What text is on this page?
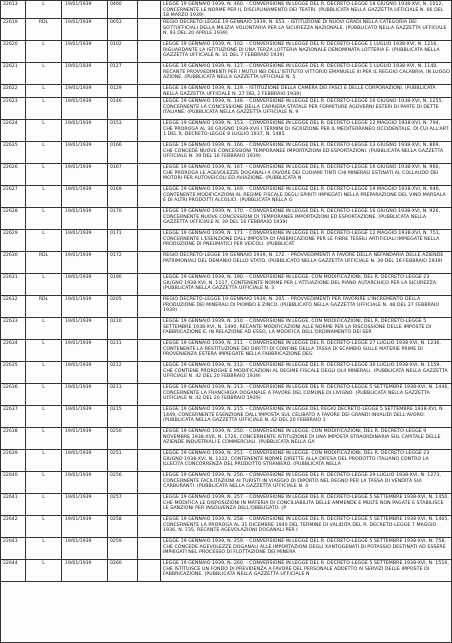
22613	L	19/01/1939	0460	LEGGE 19 GENNAIO 1939, N. 460. - CONVERSIONE IN LEGGE DEL R. DECRETO-LEGGE 18 GIUGNO 1938-XVI, N. 1012, CONCERNENTE LE NORME PER IL DISCIPLINAMENTO DEI TEATRI. (PUBBLICATA NELLA GAZZETTA UFFICIALE N. 66 DEL 18 MARZO 1939)
22619	RDL	19/01/1939	0653	REGIO DECRETO-LEGGE 19 GENNAIO 1939, N. 653. - ISTITUZIONE DI NUOVI GRADI NELLA CATEGORIA DEI SOTTUFFICIALI DELLA MILIZIA VOLONTARIA PER LA SICUREZZA NAZIONALE. (PUBBLICATO NELLA GAZZETTA UFFICIALE N. 93 DEL 20 APRILE 1939)
22620	L	19/01/1939	0102	LEGGE 19 GENNAIO 1939, N. 102. - CONVERSIONE IN LEGGE DEL R. DECRETO-LEGGE 1 LUGLIO 1938-XVI, N. 1216, RIGUARDANTE LA ISTITUZIONE DI UNA TERZA LOTTERIA NAZIONALE DENOMINATA LOTTERIA E. (PUBBLICATA NELLA GAZZETTA UFFICIALE N. 31 DEL 7 FEBBRAIO 1939)
22621	L	19/01/1939	0127	LEGGE 19 GENNAIO 1939, N. 127. - CONVERSIONE IN LEGGE DEL R. DECRETO-LEGGE 1 LUGLIO 1938-XVI, N. 1140, RECANTE PROVVEDIMENTI PER I MUTUI NEI DELL'ISTITUTO VITTORIO EMANUELE III PER IL REGGIO CALABRIA, IN LUOGO AZIONE. (PUBBLICATA NELLA GAZZETTA UFFICIALE N. 5
22622	L	19/01/1939	0129	LEGGE 19 GENNAIO 1939, N. 129. - ISTITUZIONE DELLA CAMERA DEI FASCI E DELLE CORPORAZIONI. (PUBBLICATA NELLA GAZZETTA UFFICIALE N. 27 DEL 2 FEBBRAIO 1939)
22623	L	19/01/1939	0146	LEGGE 19 GENNAIO 1939, N. 146. - CONVERSIONE IN LEGGE DEL R. DECRETO-LEGGE 16 GIUGNO 1938-XVI, N. 1255, CONCERNENTE LA CONCESSIONE DELLA CARRIERA STATALE PER FORMITURE AGOVERNI ESTERI DI PARTE DI DETTE ITALIANE. (PUBBLICATA NELLA GAZZETTA UFFICIALE N. 9
22624	L	19/01/1939	0153	LEGGE 19 GENNAIO 1939, N. 153. - CONVERSIONE IN LEGGE DEL R. DECRETO-LEGGE 12 MAGGIO 1938-XVI, N. 794, CHE PROROGA AL 30 GIUGNO 1939-XVII I TERMINI DI ISCRIZIONE PER IL MEDITERRANEO OCCIDENTALE, DI CUI ALL'ART. 1 DEL R. DECRETO-LEGGE 8 LUGLIO 1937, N. 1485
22625	L	19/01/1939	0166	LEGGE 19 GENNAIO 1939, N. 166. - CONVERSIONE IN LEGGE DEL R. DECRETO-LEGGE 13 GIUGNO 1938-XVI, N. 869, CHE CONCEDE NUOVE CONCESSIONI TEMPORANEE IMPORTAZIONI ED ESPORTAZIONI. (PUBBLICATA NELLA GAZZETTA UFFICIALE N. 39 DEL 16 FEBBRAIO 1939)
22626	L	19/01/1939	0167	LEGGE 19 GENNAIO 1939, N. 167. - CONVERSIONE IN LEGGE DEL R. DECRETO-LEGGE 16 GIUGNO 1938-XVI, N. 960, CHE PROROGA LE AGEVOLEZZE DOGANALI A FAVORE DEI CUOIAMI TINTI CHI MINERALI ESTINATI AL COLLAUDO DEI MOTORI PER AUTOVEICOLI ED AVIAZIONE. (PUBBLICATA N
22627	L	19/01/1939	0169	LEGGE 19 GENNAIO 1939, N. 169. - CONVERSIONE IN LEGGE DEL R. DECRETO-LEGGE 19 MAGGIO 1938-XVI, N. 946, CONTENENTE MODIFICAZIONI AL REGIME FISCALE DEGLI SPIRITI IMPIEGATI NELLA PREPARAZIONE DEL VINO MARSALA E DI ALTRI PRODOTTI ALCOLICI. (PUBBLICATA NELLA G
22628	L	19/01/1939	0170	LEGGE 19 GENNAIO 1939, N. 170. - CONVERSIONE IN LEGGE DEL R. DECRETO-LEGGE 16 GIUGNO 1938-XVI, N. 926, CONCERNENTE NUOVE CONCESSIONI DI TEMPORANEE IMPORTAZIONI ED ESPORTAZIONE. (PUBBLICATA NELLA GAZZETTA UFFICIALE N. 39 DEL 16 FEBBRAIO 1939)
22629	L	19/01/1939	0171	LEGGE 19 GENNAIO 1939, N. 171. - CONVERSIONE IN LEGGE DEL R. DECRETO-LEGGE 12 MAGGIO 1938-XVI, N. 751, CONCERNENTE L'ESENZIONE DALL'IMPOSTA DI FABBRICAZIONE PER LE FIBRE TESSILI ARTIFICIALI IMPIEGATE NELLA PRODUZIONE DI PNEUMATICI PER VEICOLI. (PUBBLICAT
22630	RDL	19/01/1939	0172	REGIO DECRETO-LEGGE 19 GENNAIO 1939, N. 172. - PROVVEDIMENTI A FAVORE DELLA NEFANDARIA DELLE AZIENDE PATRIMONIALI DEL DEMANIO DELLO STATO. (PUBBLICATO NELLA GAZZETTA UFFICIALE N. 39 DEL 16 FEBBRAIO 1939)
22631	L	19/01/1939	0190	LEGGE 19 GENNAIO 1939, N. 190. - CONVERSIONE IN LEGGE, CON MODIFICAZIONI, DEL R. DECRETO-LEGGE 23 GIUGNO 1938-XVI, N. 1117, CONTENENTE NORME PER L'ATTUAZIONE DEL PIANO AUTARCHICO PER LA SICUREZZA. (PUBBLICATA NELLA GAZZETTA UFFICIALE N. 3
22632	RDL	19/01/1939	0205	REGIO DECRETO-LEGGE 19 GENNAIO 1939, N. 205. - PROVVEDIMENTI PER FAVORIRE L'INCREMENTO DELLA PRODUZIONE DEI MINERALI DI PIOMBO E ZINCO. (PUBBLICATO NELLA GAZZETTA UFFICIALE N. 48 DEL 27 FEBBRAIO 1939)
22633	L	19/01/1939	0210	LEGGE 19 GENNAIO 1939, N. 210. - CONVERSIONE IN LEGGE, CON MODIFICAZIONI, DEL R. DECRETO-LEGGE 5 SETTEMBRE 1938-XVI, N. 1490, RECANTE MODIFICAZIONI ALLE NORME PER LA RISCOSSIONE DELLE IMPOSTE DI FABBRICAZIONE E, IN RELAZIONE AD ESSO, LA MODIFICA DELL'ORDINAMENTO DEI SER
22634	L	19/01/1939	0211	LEGGE 19 GENNAIO 1939, N. 211. - CONVERSIONE IN LEGGE DEL R. DECRETO-LEGGE 27 LUGLIO 1938-XVI, N. 1236, CONTENENTE LA RESTITUZIONE DEI DIRITTI DI CONFINE DELLA TASSA DI SCAMBIO SULLE MATERIE PRIME DI PROVENIENZA ESTERA IMPIEGATE NELLA FABBRICAZIONE DEG
22635	L	19/01/1939	0212	LEGGE 19 GENNAIO 1939, N. 212. - CONVERSIONE IN LEGGE DEL R. DECRETO-LEGGE 30 LUGLIO 1938-XVI, N. 1159, CHE CONTIENE PROROGHE E MODIFICAZIONI AL REGIME FISCALE DEGLI OLII MINERALI. (PUBBLICATA NELLA GAZZETTA UFFICIALE N. 42 DEL 20 FEBBRAIO 1939)
22636	L	19/01/1939	0213	LEGGE 19 GENNAIO 1939, N. 213. - CONVERSIONE IN LEGGE DEL R. DECRETO-LEGGE 5 SETTEMBRE 1938-XVI, N. 1446, CONCERNENTE LA FRANCHIGIA DOGANALE A FAVORE DEL COMUNE DI LIVIGNO. (PUBBLICATA NELLA GAZZETTA UFFICIALE N. 42 DEL 20 FEBBRAIO 1939)
22637	L	19/01/1939	0215	LEGGE 19 GENNAIO 1939, N. 215. - CONVERSIONE IN LEGGE DEL REGIO DECRETO-LEGGE 5 SETTEMBRE 1938-XVI, N. 1449, CONCERNENTE ESENZIONE DALL'IMPOSTA SUL CELIBATO A FAVORE DEI GRANDI INVALIDI DELL'AVORO. (PUBBLICATA NELLA GAZZETTA UFFICIALE N. 42 DEL 20 FEBBRAIO 1
22638	L	19/01/1939	0250	LEGGE 19 GENNAIO 1939, N. 250. - CONVERSIONE IN LEGGE, CON MODIFICAZIONI, DEL R. DECRETO-LEGGE 9 NOVEMBRE 1938-XVII, N. 1720, CONCERNENTE ISTITUZIONE DI UNA IMPOSTA STRAORDINARIA SUL CAPITALE DELLE AZIENDE INDUSTRIALI E COMMERCIALI. (PUBBLICATA NELLA GA
22639	L	19/01/1939	0251	LEGGE 19 GENNAIO 1939, N. 251. - CONVERSIONE IN LEGGE, CON MODIFICAZIONI, DEL R. DECRETO-LEGGE 23 GIUGNO 1938-XVI, N. 1112, CONTENENTE NORME DIRETTE ALLA DIFESA DEL PRODOTTO ITALIANO CONTRO LA ILLECITA CONCORRENZA DEL PRODOTTO STRANIERO. (PUBBLICATA NELLA
22640	L	19/01/1939	0256	LEGGE 19 GENNAIO 1939, N. 256. - CONVERSIONE IN LEGGE DEL R. DECRETO-LEGGE 29 LUGLIO 1938-XVI, N. 1273, CONCERNENTE FACILITAZIONI AI TURISTI IN VIAGGIO DI DIPORTO NEL REGNO PER LA TASSA DI VENDITA SUI CARBURANTI. (PUBBLICATA NELLA GAZZETTA UFFICIALE N. 4
22641	L	19/01/1939	0257	LEGGE 19 GENNAIO 1939, N. 257. - CONVERSIONE IN LEGGE DEL R. DECRETO-LEGGE 5 SETTEMBRE 1938-XVI, N. 1450, CHE MODIFICA LE DISPOSIZIONI IN MATERIA DI CONCILIABILITA DELLE AMMENDE E MULTE NON PAGATE E STABILISCE LE SANZIONI PER INSOLVENZA DELL'OBBLIGATO. (P
22642	L	19/01/1939	0258	LEGGE 19 GENNAIO 1939, N. 258. - CONVERSIONE IN LEGGE DEL R. DECRETO-LEGGE 5 SETTEMBRE 1938-XVI, N. 1465, CONCERNENTE LA PROROGA AL 31 DICEMBRE 1940 DEL TERMINE DI VALIDITA DEL R. DECRETO-LEGGE 7 MAGGIO 1936, N. 735, RECANTE AGEVOLAZIONI DOGANALI PER I
22643	L	19/01/1939	0259	LEGGE 19 GENNAIO 1939, N. 259. - CONVERSIONE IN LEGGE DEL R. DECRETO-LEGGE 5 SETTEMBRE 1938-XVI, N. 758, CHE CONCEDE AGEVOLEZZE DOGANALI ALLE IMPORTAZIONI DEGLI XANTOGENATI DI POTASSIO DESTINATI AD ESSERE IMPIEGATI NEL PROCESSO DI FLOTTAZIONE DEI MINERA
22644	L	19/01/1939	0260	LEGGE 19 GENNAIO 1939, N. 260. - CONVERSIONE IN LEGGE DEL R. DECRETO-LEGGE 5 SETTEMBRE 1938-XVI, N. 1516, CHE ISTITUISCE UN FONDO DI PREVIDENZA A FAVORE DEL PERSONALE ADDETTO AI SERVIZI DELLE IMPOSTE DI FABBRICAZIONE. (PUBBLICATA NELLA GAZZETTA UFFICIALE N
